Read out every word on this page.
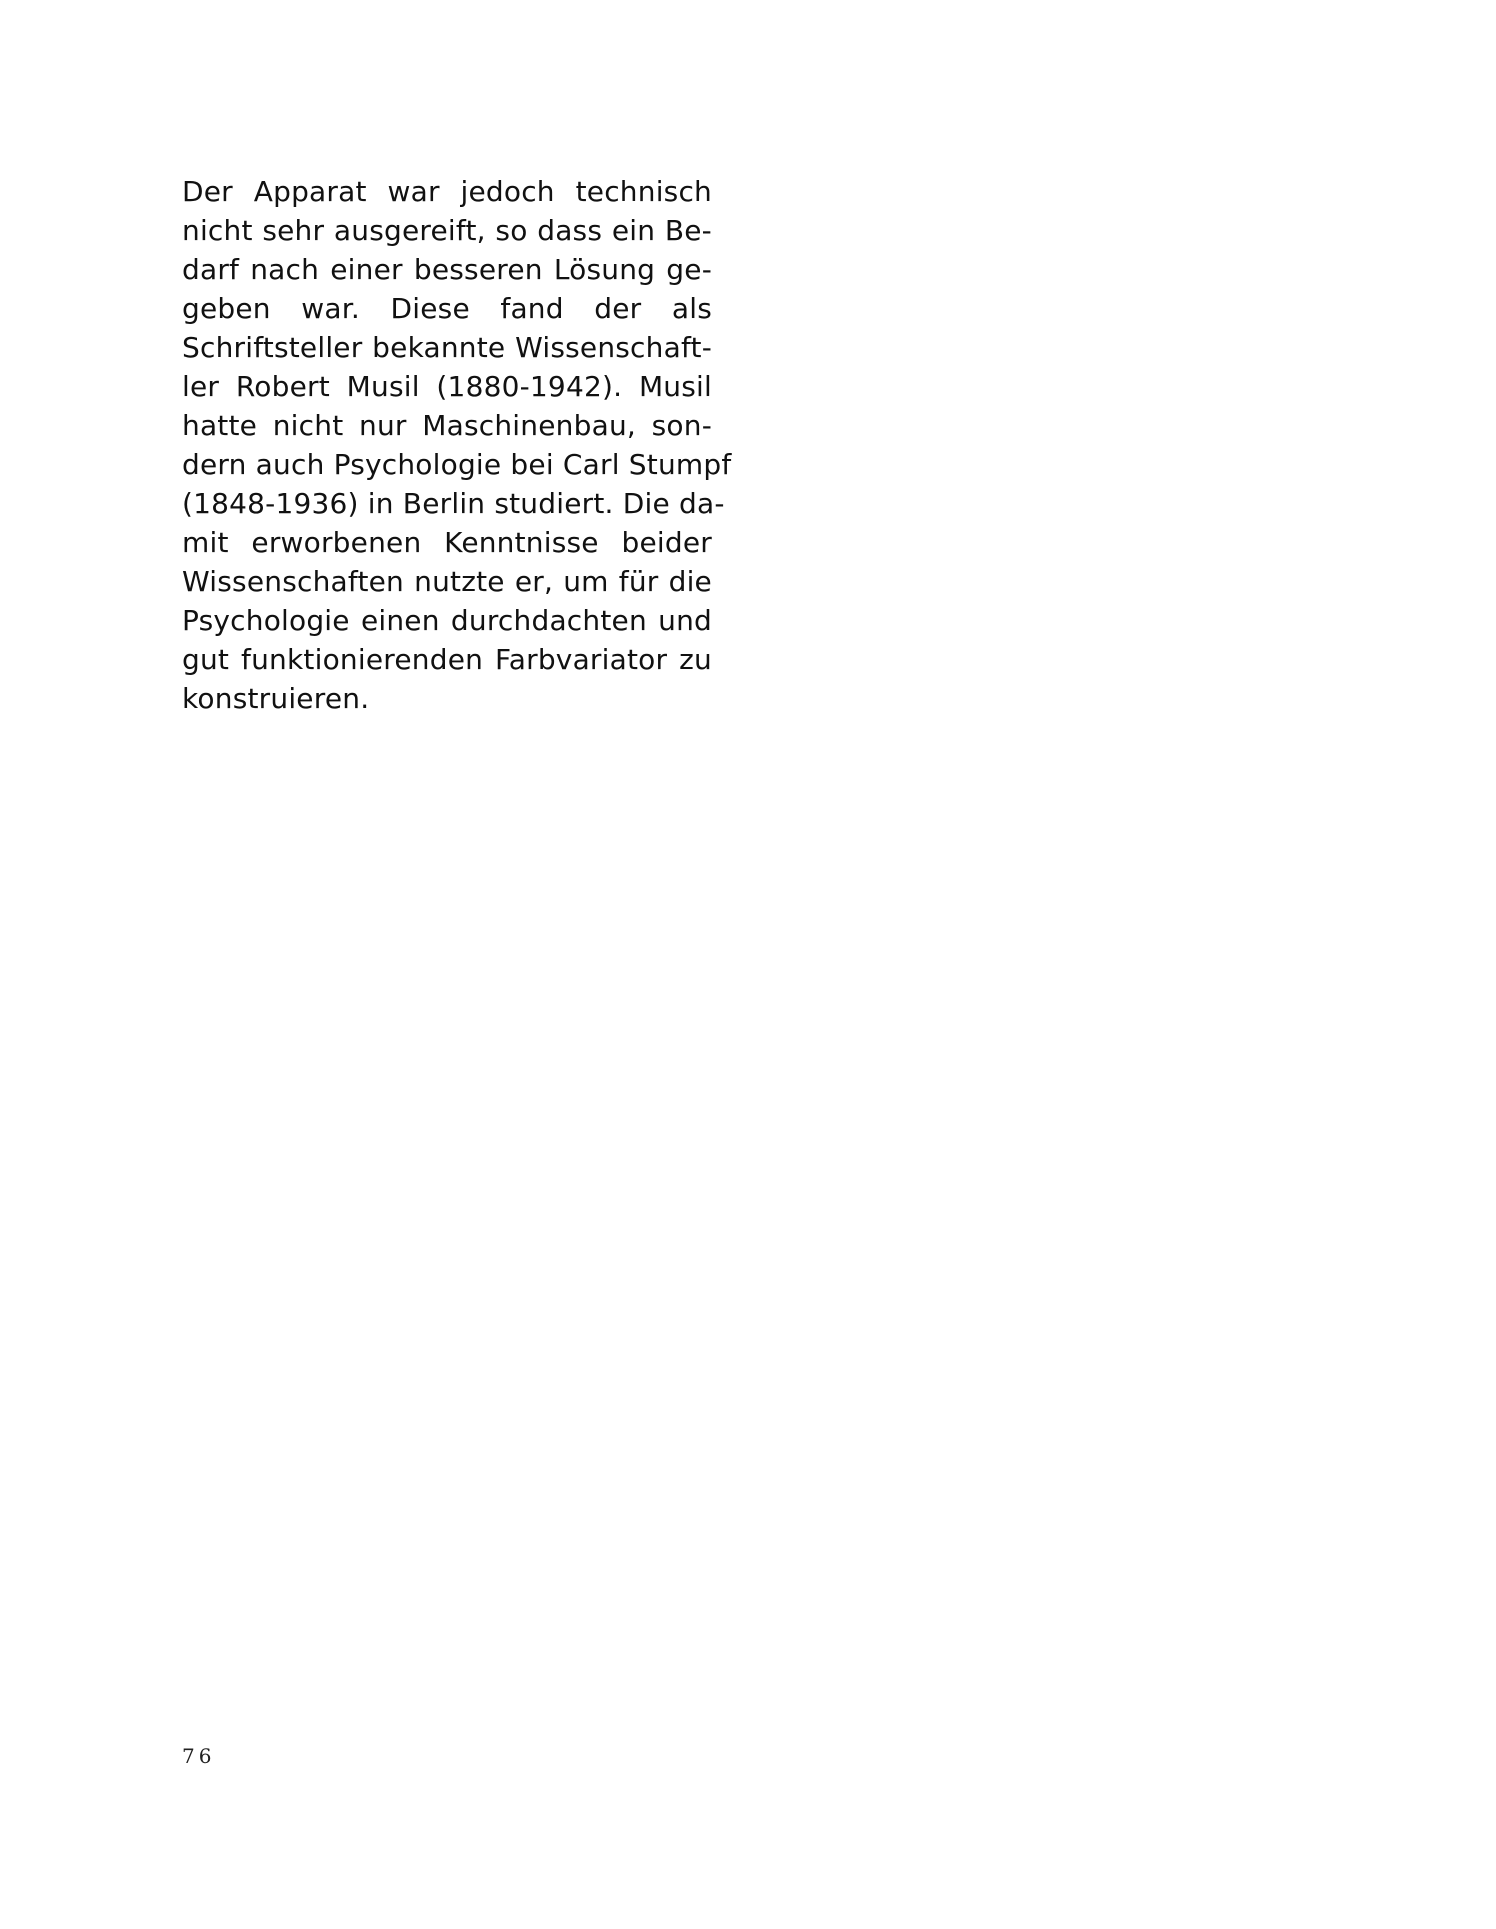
Der Apparat war jedoch technisch
nicht sehr ausgereift, so dass ein Be-
darf nach einer besseren Lösung ge-
geben war. Diese fand der als
Schriftsteller bekannte Wissenschaft-
ler Robert Musil (1880-1942). Musil
hatte nicht nur Maschinenbau, son-
dern auch Psychologie bei Carl Stumpf
(1848-1936) in Berlin studiert. Die da-
mit erworbenen Kenntnisse beider
Wissenschaften nutzte er, um für die
Psychologie einen durchdachten und
gut funktionierenden Farbvariator zu
konstruieren.
76
